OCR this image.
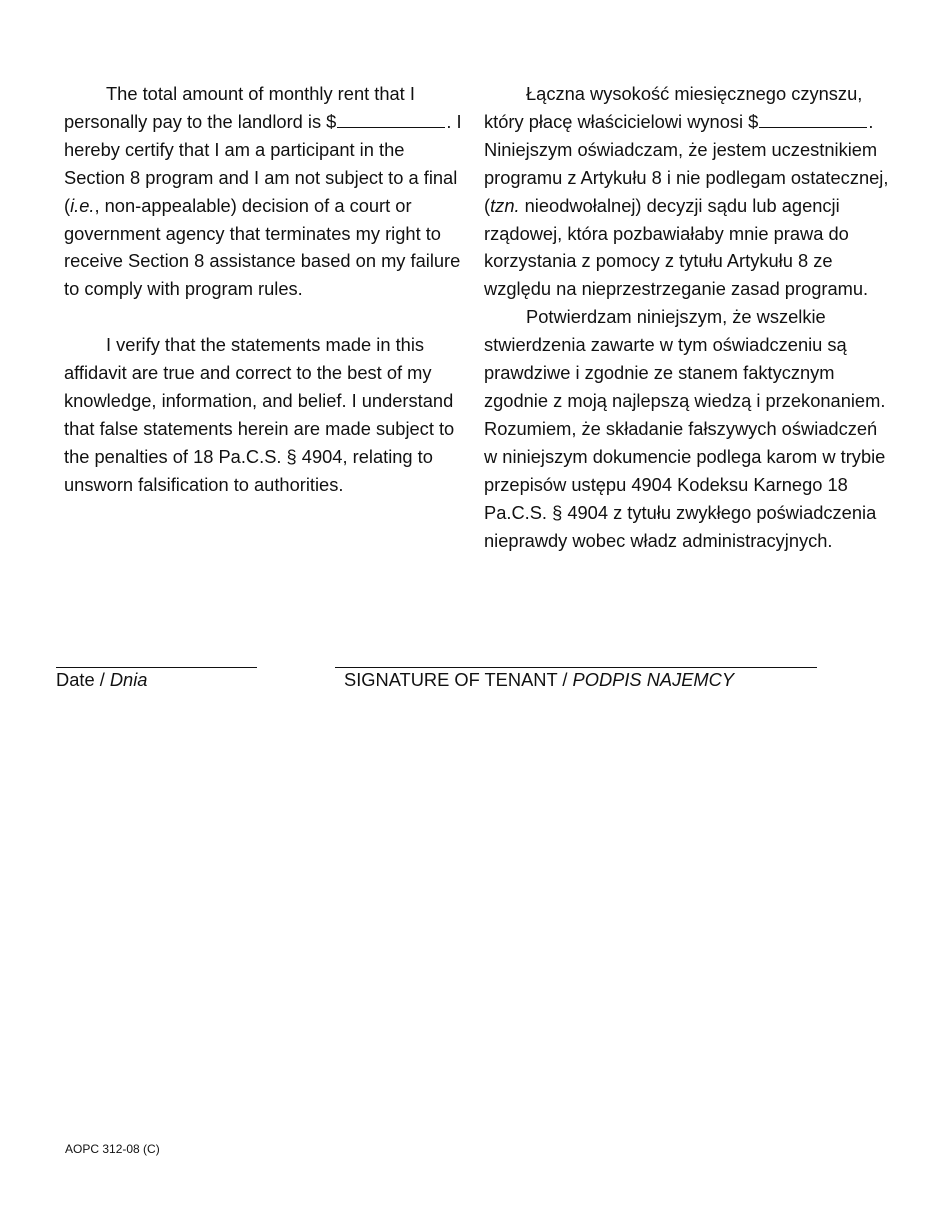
The total amount of monthly rent that I personally pay to the landlord is $	. I hereby certify that I am a participant in the Section 8 program and I am not subject to a final (i.e., non-appealable) decision of a court or government agency that terminates my right to receive Section 8 assistance based on my failure to comply with program rules.

I verify that the statements made in this affidavit are true and correct to the best of my knowledge, information, and belief. I understand that false statements herein are made subject to the penalties of 18 Pa.C.S. § 4904, relating to unsworn falsification to authorities.

Łączna wysokość miesięcznego czynszu, który płacę właścicielowi wynosi $	. Niniejszym oświadczam, że jestem uczestnikiem programu z Artykułu 8 i nie podlegam ostatecznej, (tzn. nieodwołalnej) decyzji sądu lub agencji rządowej, która pozbawiałaby mnie prawa do korzystania z pomocy z tytułu Artykułu 8 ze względu na nieprzestrzeganie zasad programu.

Potwierdzam niniejszym, że wszelkie stwierdzenia zawarte w tym oświadczeniu są prawdziwe i zgodnie ze stanem faktycznym zgodnie z moją najlepszą wiedzą i przekonaniem. Rozumiem, że składanie fałszywych oświadczeń w niniejszym dokumencie podlega karom w trybie przepisów ustępu 4904 Kodeksu Karnego 18 Pa.C.S. § 4904 z tytułu zwykłego poświadczenia nieprawdy wobec władz administracyjnych.

Date / Dnia	SIGNATURE OF TENANT / PODPIS NAJEMCY
AOPC 312-08 (C)
